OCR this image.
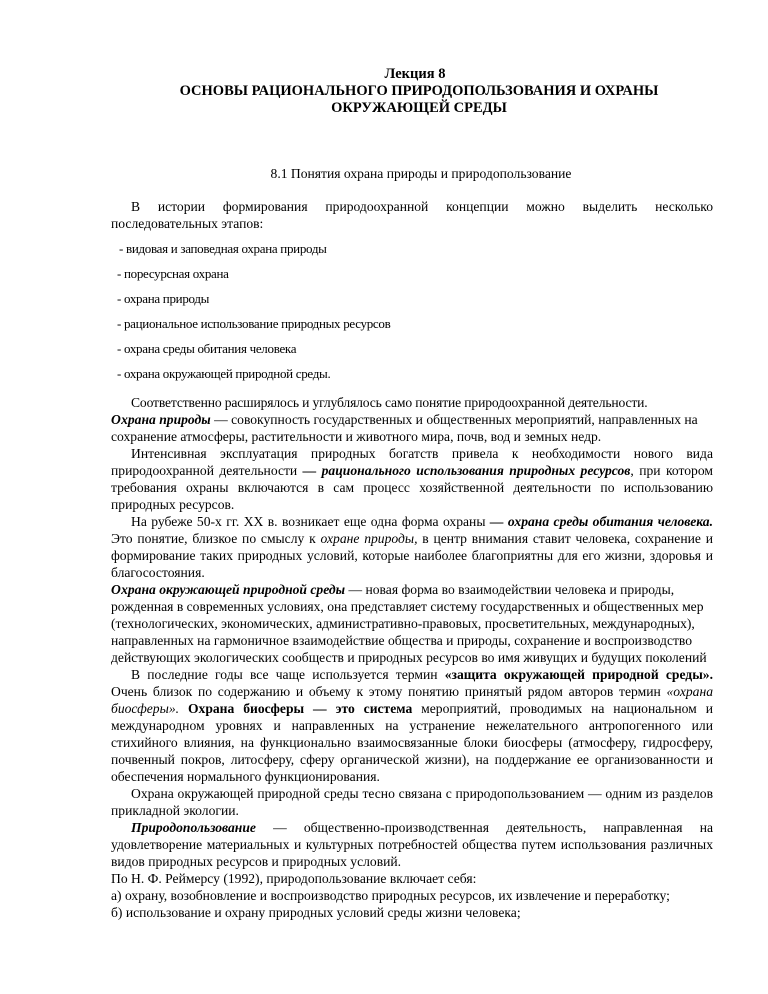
Лекция 8
ОСНОВЫ РАЦИОНАЛЬНОГО ПРИРОДОПОЛЬЗОВАНИЯ И ОХРАНЫ
ОКРУЖАЮЩЕЙ СРЕДЫ
8.1 Понятия охрана природы и природопользование

В истории формирования природоохранной концепции можно выделить несколько последовательных этапов:

- видовая и заповедная охрана природы
- поресурсная охрана
- охрана природы
- рациональное использование природных ресурсов
- охрана среды обитания человека
- охрана окружающей природной среды.

Соответственно расширялось и углублялось само понятие природоохранной деятельности.

Охрана природы — совокупность государственных и общественных мероприятий, направленных на сохранение атмосферы, растительности и животного мира, почв, вод и земных недр.

Интенсивная эксплуатация природных богатств привела к необходимости нового вида природоохранной деятельности — рационального использования природных ресурсов, при котором требования охраны включаются в сам процесс хозяйственной деятельности по использованию природных ресурсов.

На рубеже 50-х гг. XX в. возникает еще одна форма охраны — охрана среды обитания человека. Это понятие, близкое по смыслу к охране природы, в центр внимания ставит человека, сохранение и формирование таких природных условий, которые наиболее благоприятны для его жизни, здоровья и благосостояния.

Охрана окружающей природной среды — новая форма во взаимодействии человека и природы, рожденная в современных условиях, она представляет систему государственных и общественных мер (технологических, экономических, административно-правовых, просветительных, международных), направленных на гармоничное взаимодействие общества и природы, сохранение и воспроизводство действующих экологических сообществ и природных ресурсов во имя живущих и будущих поколений

В последние годы все чаще используется термин «защита окружающей природной среды». Очень близок по содержанию и объему к этому понятию принятый рядом авторов термин «охрана биосферы». Охрана биосферы — это система мероприятий, проводимых на национальном и международном уровнях и направленных на устранение нежелательного антропогенного или стихийного влияния, на функционально взаимосвязанные блоки биосферы (атмосферу, гидросферу, почвенный покров, литосферу, сферу органической жизни), на поддержание ее организованности и обеспечения нормального функционирования.

Охрана окружающей природной среды тесно связана с природопользованием — одним из разделов прикладной экологии.

Природопользование — общественно-производственная деятельность, направленная на удовлетворение материальных и культурных потребностей общества путем использования различных видов природных ресурсов и природных условий.

По Н. Ф. Реймерсу (1992), природопользование включает себя:

а) охрану, возобновление и воспроизводство природных ресурсов, их извлечение и переработку;

б) использование и охрану природных условий среды жизни человека;
